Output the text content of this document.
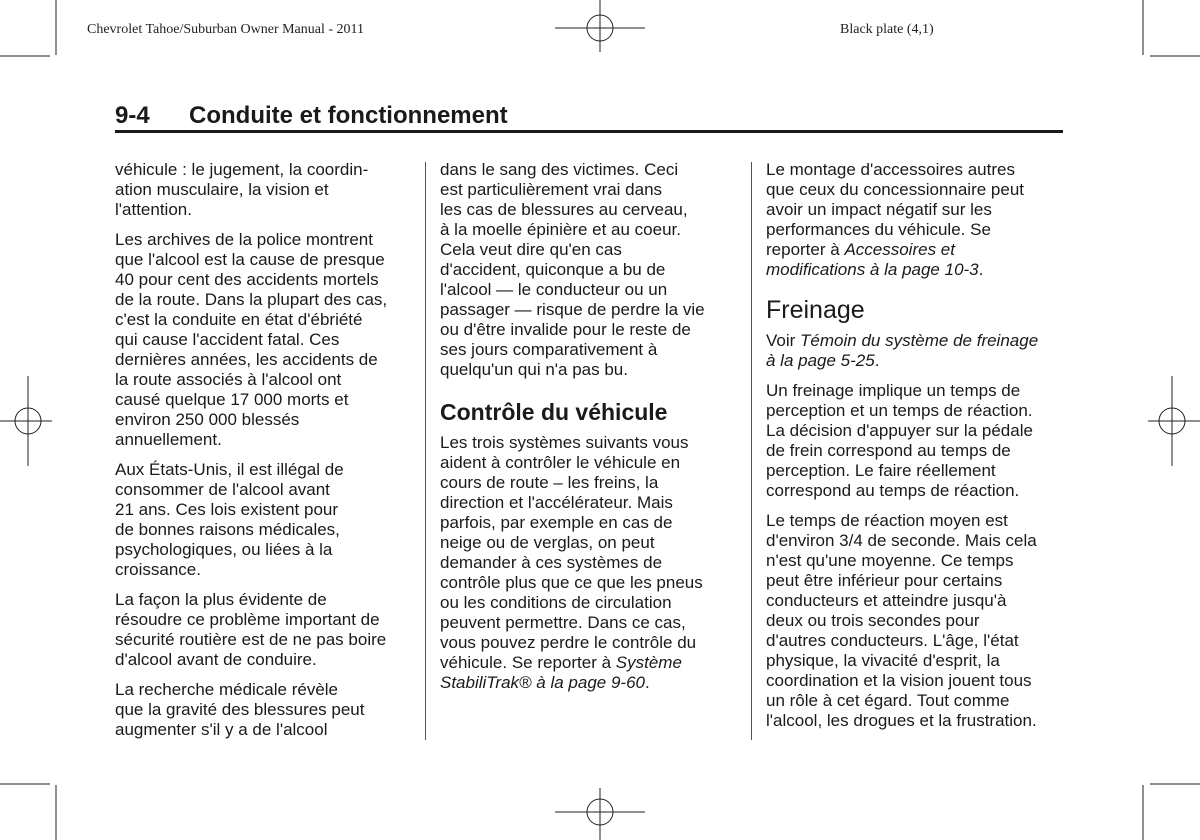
Chevrolet Tahoe/Suburban Owner Manual - 2011	Black plate (4,1)
9-4 Conduite et fonctionnement

véhicule : le jugement, la coordin-
ation musculaire, la vision et
l'attention.

Les archives de la police montrent
que l'alcool est la cause de presque
40 pour cent des accidents mortels
de la route. Dans la plupart des cas,
c'est la conduite en état d'ébriété
qui cause l'accident fatal. Ces
dernières années, les accidents de
la route associés à l'alcool ont
causé quelque 17 000 morts et
environ 250 000 blessés
annuellement.

Aux États-Unis, il est illégal de
consommer de l'alcool avant
21 ans. Ces lois existent pour
de bonnes raisons médicales,
psychologiques, ou liées à la
croissance.

La façon la plus évidente de
résoudre ce problème important de
sécurité routière est de ne pas boire
d'alcool avant de conduire.

La recherche médicale révèle
que la gravité des blessures peut
augmenter s'il y a de l'alcool

dans le sang des victimes. Ceci
est particulièrement vrai dans
les cas de blessures au cerveau,
à la moelle épinière et au coeur.
Cela veut dire qu'en cas
d'accident, quiconque a bu de
l'alcool — le conducteur ou un
passager — risque de perdre la vie
ou d'être invalide pour le reste de
ses jours comparativement à
quelqu'un qui n'a pas bu.

Contrôle du véhicule

Les trois systèmes suivants vous
aident à contrôler le véhicule en
cours de route – les freins, la
direction et l'accélérateur. Mais
parfois, par exemple en cas de
neige ou de verglas, on peut
demander à ces systèmes de
contrôle plus que ce que les pneus
ou les conditions de circulation
peuvent permettre. Dans ce cas,
vous pouvez perdre le contrôle du
véhicule. Se reporter à Système
StabiliTrak® à la page 9-60.

Le montage d'accessoires autres
que ceux du concessionnaire peut
avoir un impact négatif sur les
performances du véhicule. Se
reporter à Accessoires et
modifications à la page 10-3.

Freinage

Voir Témoin du système de freinage
à la page 5-25.

Un freinage implique un temps de
perception et un temps de réaction.
La décision d'appuyer sur la pédale
de frein correspond au temps de
perception. Le faire réellement
correspond au temps de réaction.

Le temps de réaction moyen est
d'environ 3/4 de seconde. Mais cela
n'est qu'une moyenne. Ce temps
peut être inférieur pour certains
conducteurs et atteindre jusqu'à
deux ou trois secondes pour
d'autres conducteurs. L'âge, l'état
physique, la vivacité d'esprit, la
coordination et la vision jouent tous
un rôle à cet égard. Tout comme
l'alcool, les drogues et la frustration.
